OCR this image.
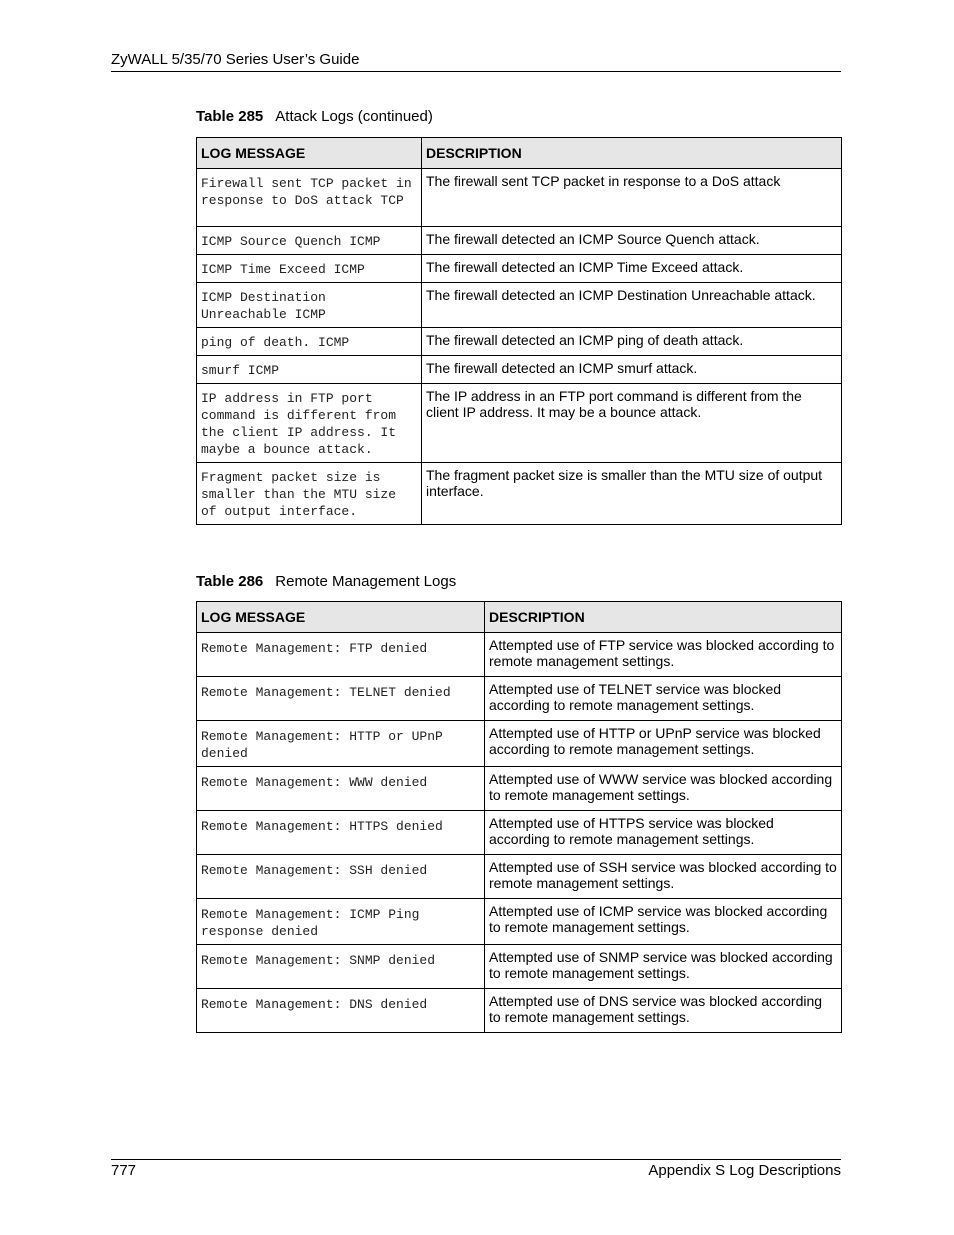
ZyWALL 5/35/70 Series User’s Guide
Table 285 Attack Logs (continued)
LOG MESSAGE	DESCRIPTION
Firewall sent TCP packet in response to DoS attack TCP	The firewall sent TCP packet in response to a DoS attack
ICMP Source Quench ICMP	The firewall detected an ICMP Source Quench attack.
ICMP Time Exceed ICMP	The firewall detected an ICMP Time Exceed attack.
ICMP Destination Unreachable ICMP	The firewall detected an ICMP Destination Unreachable attack.
ping of death. ICMP	The firewall detected an ICMP ping of death attack.
smurf ICMP	The firewall detected an ICMP smurf attack.
IP address in FTP port command is different from the client IP address. It maybe a bounce attack.	The IP address in an FTP port command is different from the client IP address. It may be a bounce attack.
Fragment packet size is smaller than the MTU size of output interface.	The fragment packet size is smaller than the MTU size of output interface.
Table 286 Remote Management Logs
LOG MESSAGE	DESCRIPTION
Remote Management: FTP denied	Attempted use of FTP service was blocked according to remote management settings.
Remote Management: TELNET denied	Attempted use of TELNET service was blocked according to remote management settings.
Remote Management: HTTP or UPnP denied	Attempted use of HTTP or UPnP service was blocked according to remote management settings.
Remote Management: WWW denied	Attempted use of WWW service was blocked according to remote management settings.
Remote Management: HTTPS denied	Attempted use of HTTPS service was blocked according to remote management settings.
Remote Management: SSH denied	Attempted use of SSH service was blocked according to remote management settings.
Remote Management: ICMP Ping response denied	Attempted use of ICMP service was blocked according to remote management settings.
Remote Management: SNMP denied	Attempted use of SNMP service was blocked according to remote management settings.
Remote Management: DNS denied	Attempted use of DNS service was blocked according to remote management settings.
777	Appendix S Log Descriptions
